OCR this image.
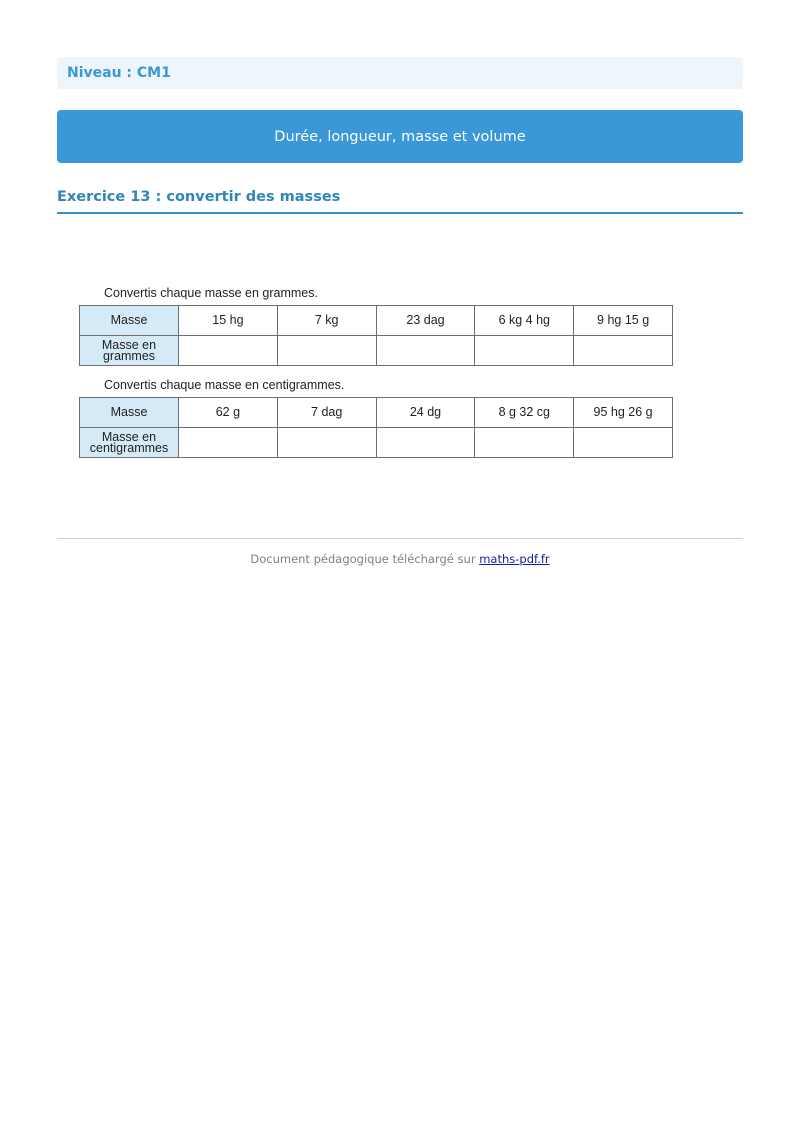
Niveau : CM1
Durée, longueur, masse et volume
Exercice 13 : convertir des masses
Convertis chaque masse en grammes.
Masse	15 hg	7 kg	23 dag	6 kg 4 hg	9 hg 15 g
Masse en
grammes					
Convertis chaque masse en centigrammes.
Masse	62 g	7 dag	24 dg	8 g 32 cg	95 hg 26 g
Masse en
centigrammes					
Document pédagogique téléchargé sur maths-pdf.fr
